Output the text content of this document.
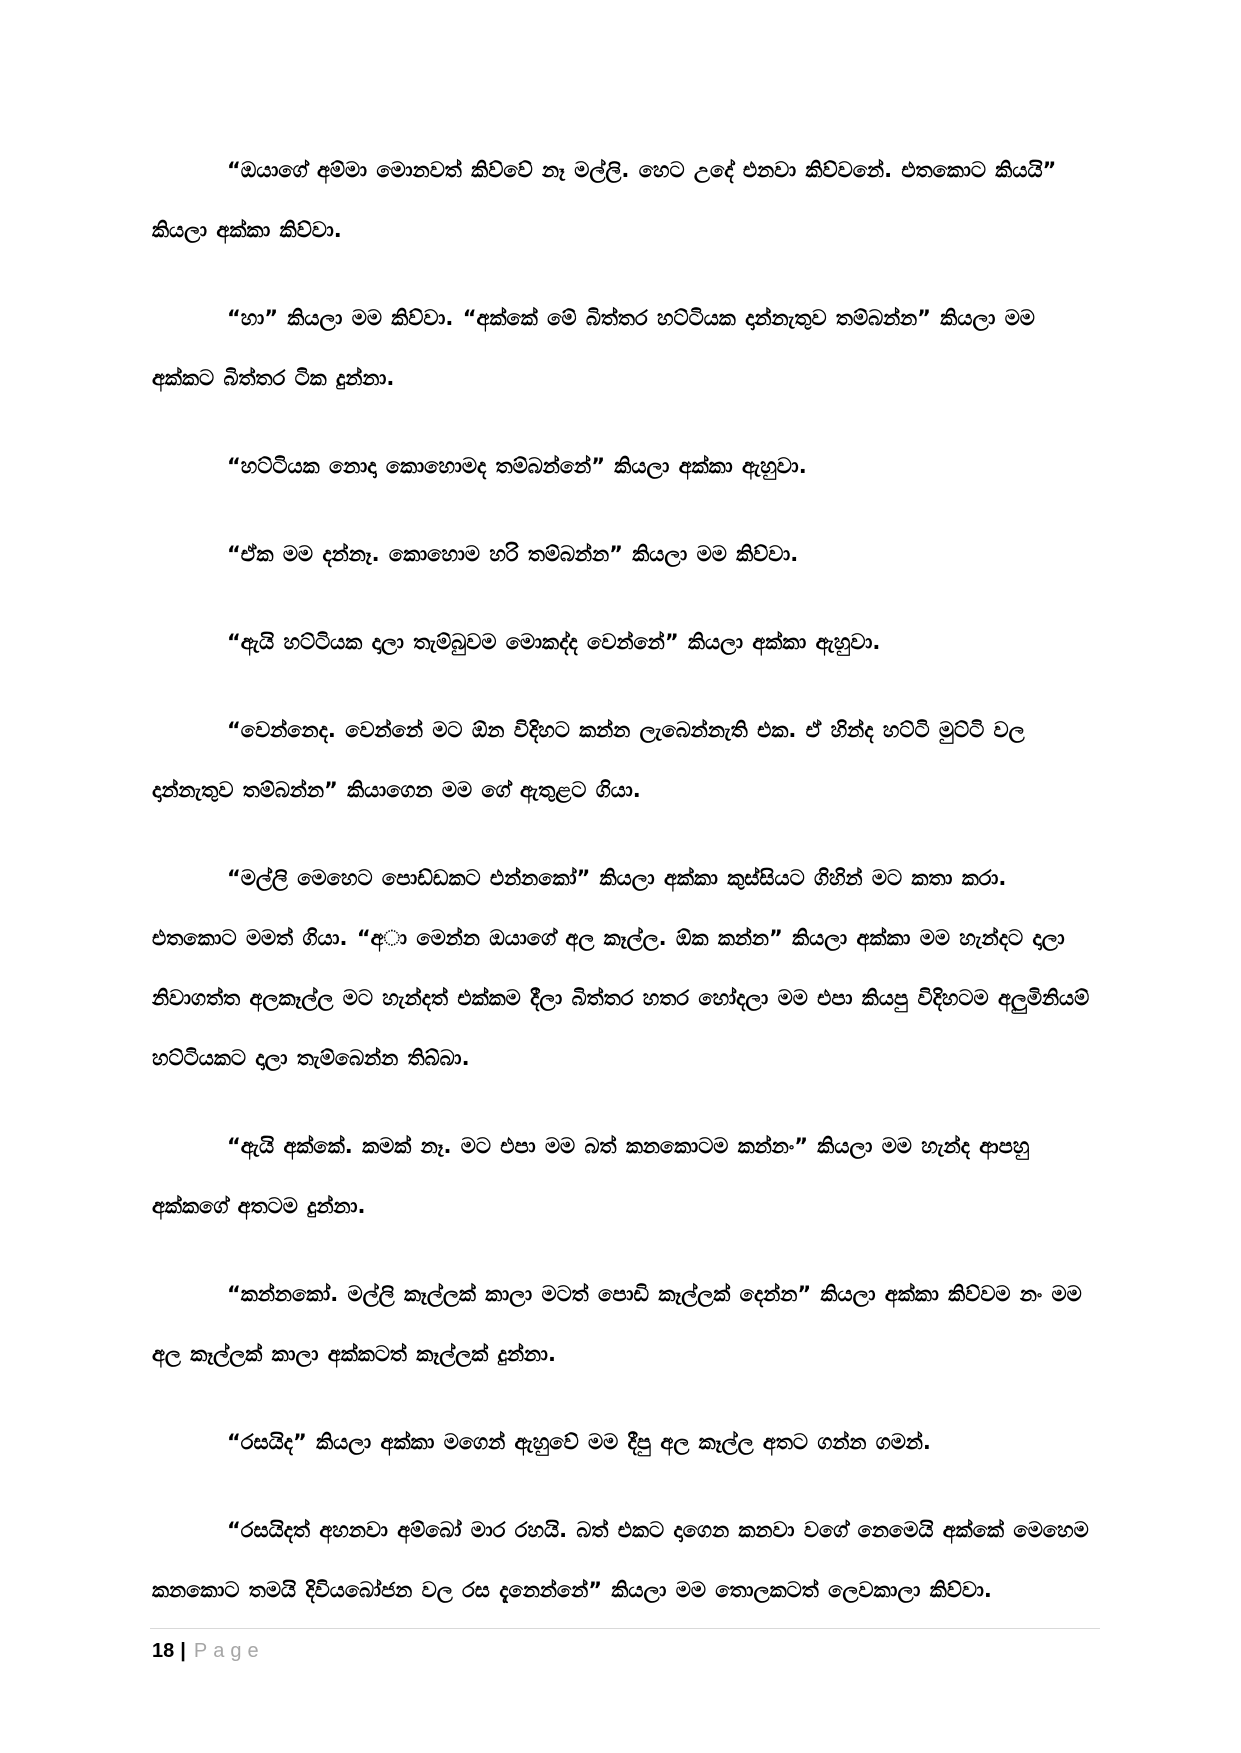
“ඔයාගේ අම්මා මොනවත් කිව්වේ නෑ මල්ලි. හෙට උදේ එනවා කිව්වනේ. එතකොට කියයි” කියලා අක්කා කිව්වා.

“හා” කියලා මම කිව්වා. “අක්කේ මේ බිත්තර හට්ටියක දාන්නැතුව තම්බන්න” කියලා මම අක්කට බිත්තර ටික දුන්නා.

“හට්ටියක නොදා කොහොමද තම්බන්නේ” කියලා අක්කා ඇහුවා.

“ඒක මම දන්නෑ. කොහොම හරි තම්බන්න” කියලා මම කිව්වා.

“ඇයි හට්ටියක දාලා තැම්බුවම මොකද්ද වෙන්නේ” කියලා අක්කා ඇහුවා.

“වෙන්නෙද. වෙන්නේ මට ඕන විදිහට කන්න ලැබෙන්නැති එක. ඒ හින්ද හට්ටි මුට්ටි වල දාන්නැතුව තම්බන්න” කියාගෙන මම ගේ ඇතුළට ගියා.

“මල්ලි මෙහෙට පොඩ්ඩකට එන්නකෝ” කියලා අක්කා කුස්සියට ගිහින් මට කතා කරා. එතකොට මමත් ගියා. “අා මෙන්න ඔයාගේ අල කෑල්ල. ඕක කන්න” කියලා අක්කා මම හැන්දට දාලා නිවාගත්ත අලකෑල්ල මට හැන්දත් එක්කම දීලා බිත්තර හතර හෝදලා මම එපා කියපු විදිහටම අලුමිනියම් හට්ටියකට දාලා තැම්බෙන්න තිබ්බා.

“ඇයි අක්කේ. කමක් නෑ. මට එපා මම බත් කනකොටම කන්නං” කියලා මම හැන්ද ආපහු අක්කගේ අතටම දුන්නා.

“කන්නකෝ. මල්ලි කෑල්ලක් කාලා මටත් පොඩි කෑල්ලක් දෙන්න” කියලා අක්කා කිව්වම නං මම අල කෑල්ලක් කාලා අක්කටත් කෑල්ලක් දුන්නා.

“රසයිද” කියලා අක්කා මගෙන් ඇහුවේ මම දීපු අල කෑල්ල අතට ගන්න ගමන්.

“රසයිදත් අහනවා අම්බෝ මාර රහයි. බත් එකට දාගෙන කනවා වගේ නෙමෙයි අක්කේ මෙහෙම කනකොට තමයි දිවියබෝජන වල රස දැනෙන්නේ” කියලා මම තොලකටත් ලෙවකාලා කිව්වා.

18 | Page
